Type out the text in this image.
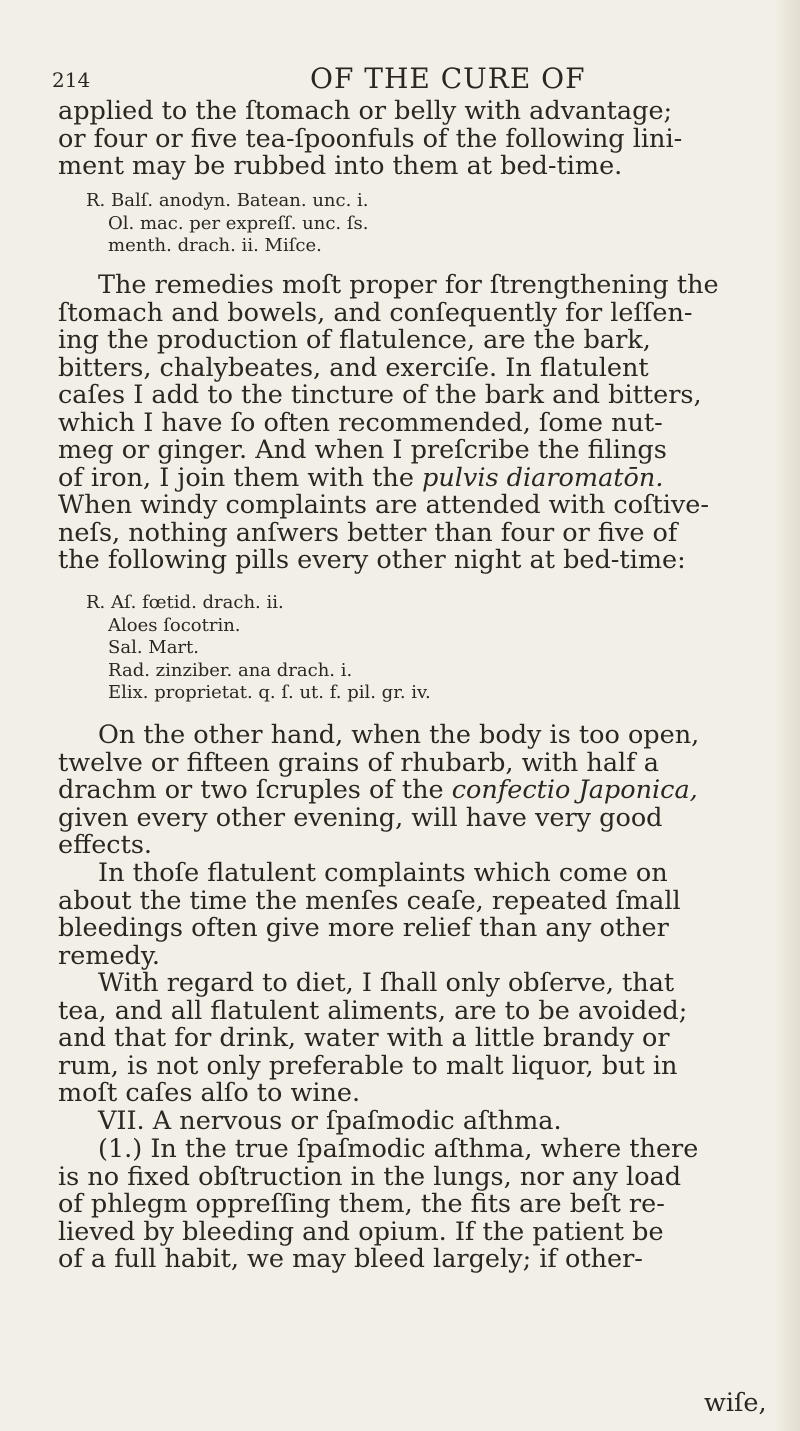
214	OF THE CURE OF

applied to the ſtomach or belly with advantage;
or four or five tea-ſpoonfuls of the following lini-
ment may be rubbed into them at bed-time.

R. Balſ. anodyn. Batean. unc. i.
Ol. mac. per expreſſ. unc. ſs.
menth. drach. ii. Miſce.

The remedies moſt proper for ſtrengthening the
ſtomach and bowels, and conſequently for leſſen-
ing the production of flatulence, are the bark,
bitters, chalybeates, and exerciſe. In flatulent
caſes I add to the tincture of the bark and bitters,
which I have ſo often recommended, ſome nut-
meg or ginger. And when I preſcribe the filings
of iron, I join them with the pulvis diaromatōn.
When windy complaints are attended with coſtive-
neſs, nothing anſwers better than four or five of
the following pills every other night at bed-time:

R. Aſ. fœtid. drach. ii.
Aloes ſocotrin.
Sal. Mart.
Rad. zinziber. ana drach. i.
Elix. proprietat. q. ſ. ut. f. pil. gr. iv.

On the other hand, when the body is too open,
twelve or fifteen grains of rhubarb, with half a
drachm or two ſcruples of the confectio Japonica,
given every other evening, will have very good
effects.

In thoſe flatulent complaints which come on
about the time the menſes ceaſe, repeated ſmall
bleedings often give more relief than any other
remedy.

With regard to diet, I ſhall only obſerve, that
tea, and all flatulent aliments, are to be avoided;
and that for drink, water with a little brandy or
rum, is not only preferable to malt liquor, but in
moſt caſes alſo to wine.

VII. A nervous or ſpaſmodic aſthma.

(1.) In the true ſpaſmodic aſthma, where there
is no fixed obſtruction in the lungs, nor any load
of phlegm oppreſſing them, the fits are beſt re-
lieved by bleeding and opium. If the patient be
of a full habit, we may bleed largely; if other-

wiſe,
